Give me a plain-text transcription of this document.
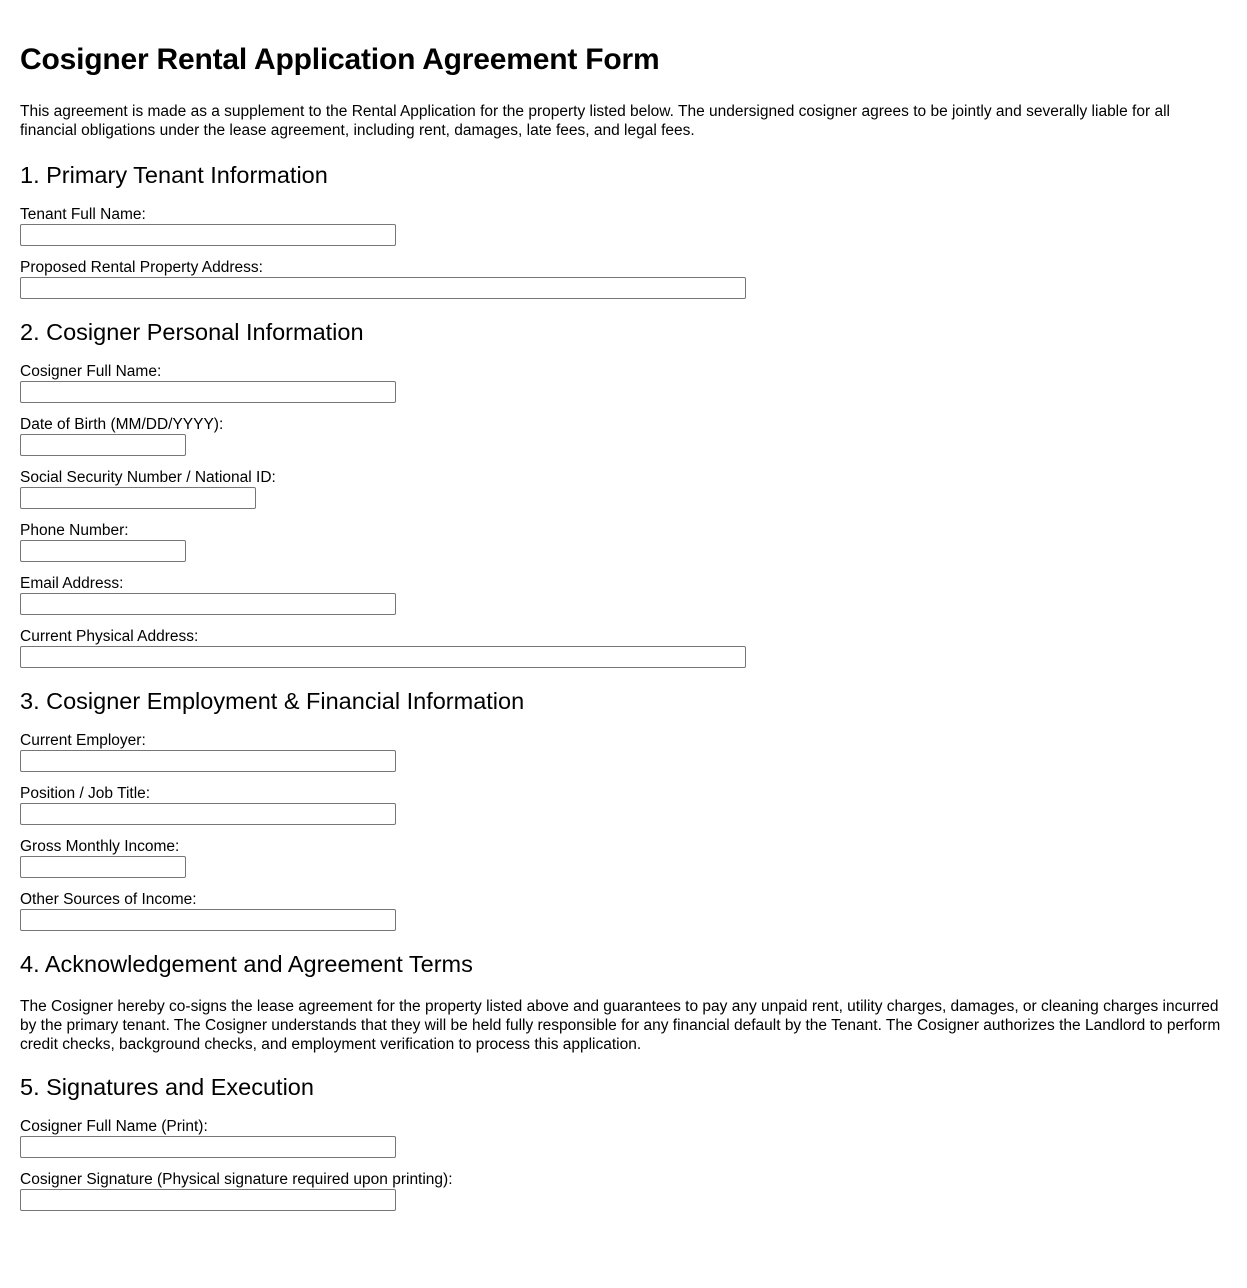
Cosigner Rental Application Agreement Form

This agreement is made as a supplement to the Rental Application for the property listed below. The undersigned cosigner agrees to be jointly and severally liable for all financial obligations under the lease agreement, including rent, damages, late fees, and legal fees.

1. Primary Tenant Information
Tenant Full Name:
Proposed Rental Property Address:
2. Cosigner Personal Information
Cosigner Full Name:
Date of Birth (MM/DD/YYYY):
Social Security Number / National ID:
Phone Number:
Email Address:
Current Physical Address:
3. Cosigner Employment & Financial Information
Current Employer:
Position / Job Title:
Gross Monthly Income:
Other Sources of Income:
4. Acknowledgement and Agreement Terms

The Cosigner hereby co-signs the lease agreement for the property listed above and guarantees to pay any unpaid rent, utility charges, damages, or cleaning charges incurred by the primary tenant. The Cosigner understands that they will be held fully responsible for any financial default by the Tenant. The Cosigner authorizes the Landlord to perform credit checks, background checks, and employment verification to process this application.

5. Signatures and Execution
Cosigner Full Name (Print):
Cosigner Signature (Physical signature required upon printing):
